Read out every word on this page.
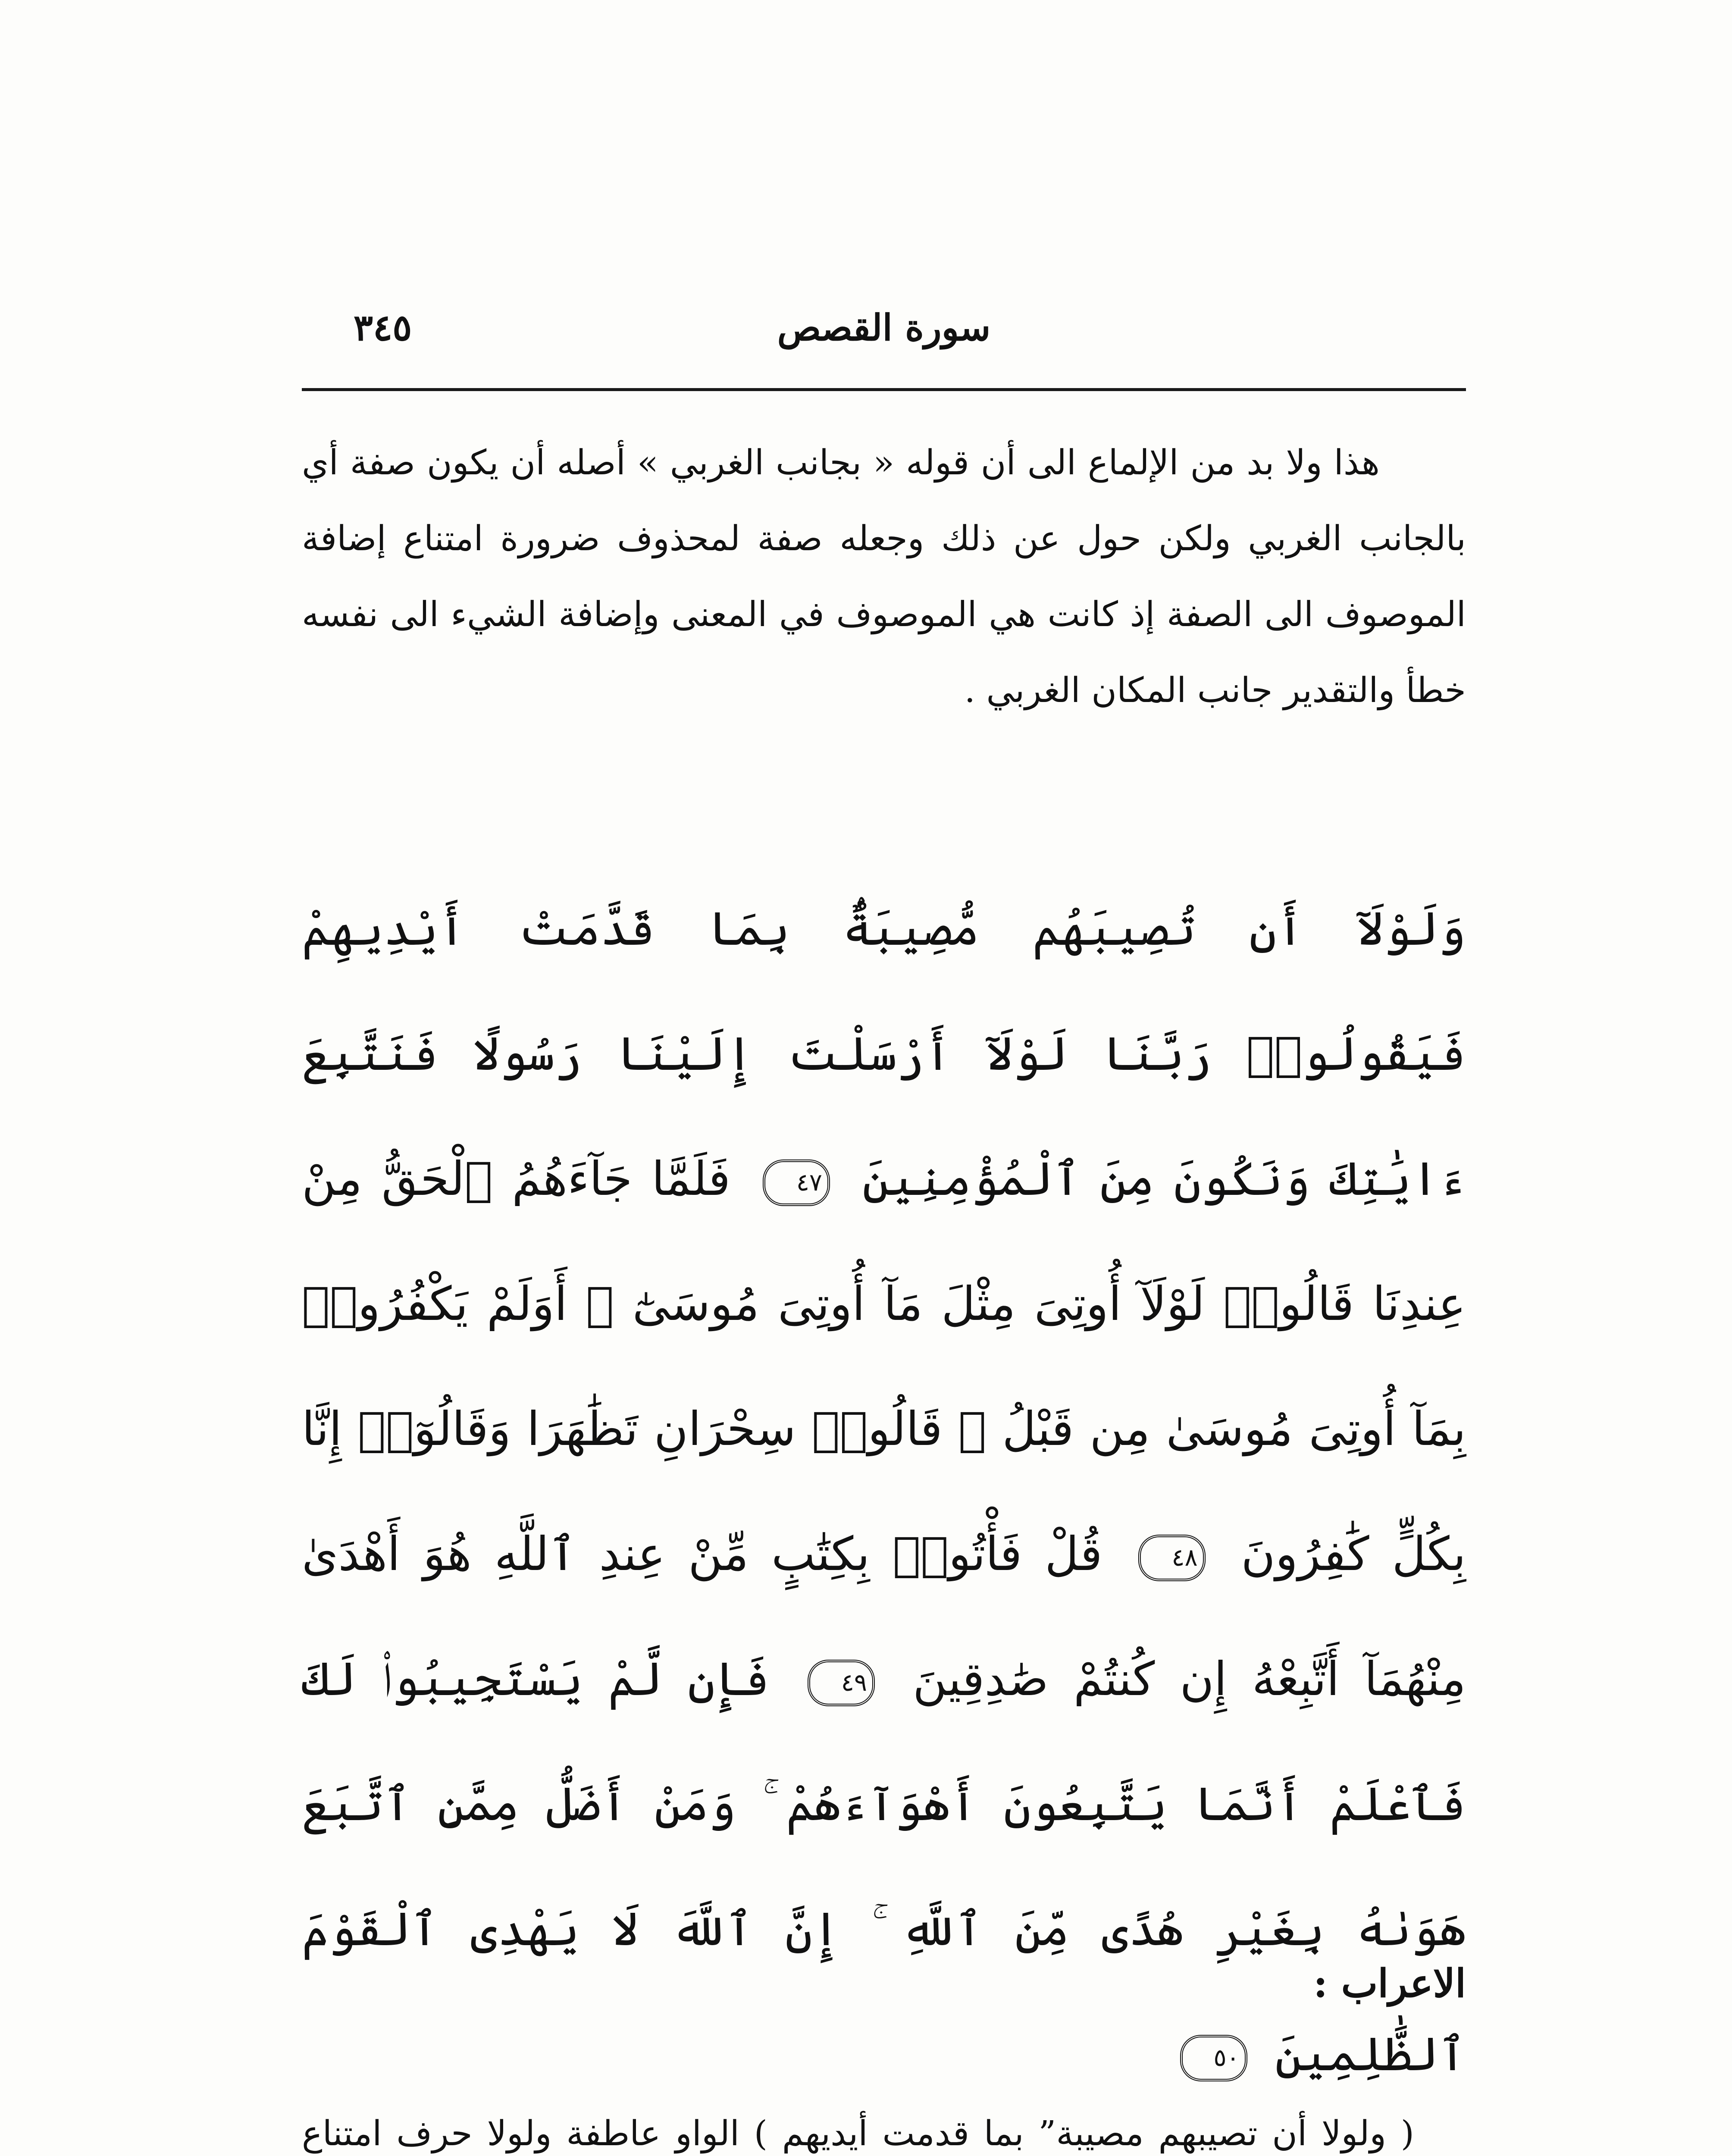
سورة القصص
٣٤٥

هذا ولا بد من الإلماع الى أن قوله « بجانب الغربي » أصله أن يكون صفة أي بالجانب الغربي ولكن حول عن ذلك وجعله صفة لمحذوف ضرورة امتناع إضافة الموصوف الى الصفة إذ كانت هي الموصوف في المعنى وإضافة الشيء الى نفسه خطأ والتقدير جانب المكان الغربي .

وَلَوْلَآ أَن تُصِيبَهُم مُّصِيبَةٌۢ بِمَا قَدَّمَتْ أَيْدِيهِمْ فَيَقُولُوا۟ رَبَّنَا لَوْلَآ أَرْسَلْتَ إِلَيْنَا رَسُولًا فَنَتَّبِعَ ءَايَٰتِكَ وَنَكُونَ مِنَ ٱلْمُؤْمِنِينَ ٤٧ فَلَمَّا جَآءَهُمُ ٱلْحَقُّ مِنْ عِندِنَا قَالُوا۟ لَوْلَآ أُوتِىَ مِثْلَ مَآ أُوتِىَ مُوسَىٰٓ ۚ أَوَلَمْ يَكْفُرُوا۟ بِمَآ أُوتِىَ مُوسَىٰ مِن قَبْلُ ۖ قَالُوا۟ سِحْرَانِ تَظَٰهَرَا وَقَالُوٓا۟ إِنَّا بِكُلٍّ كَٰفِرُونَ ٤٨ قُلْ فَأْتُوا۟ بِكِتَٰبٍ مِّنْ عِندِ ٱللَّهِ هُوَ أَهْدَىٰ مِنْهُمَآ أَتَّبِعْهُ إِن كُنتُمْ صَٰدِقِينَ ٤٩ فَإِن لَّمْ يَسْتَجِيبُوا۟ لَكَ فَٱعْلَمْ أَنَّمَا يَتَّبِعُونَ أَهْوَآءَهُمْ ۚ وَمَنْ أَضَلُّ مِمَّنِ ٱتَّبَعَ هَوَىٰهُ بِغَيْرِ هُدًى مِّنَ ٱللَّهِ ۚ إِنَّ ٱللَّهَ لَا يَهْدِى ٱلْقَوْمَ ٱلظَّٰلِمِينَ ٥٠
الاعراب :

( ولولا أن تصيبهم مصيبة” بما قدمت أيديهم ) الواو عاطفة ولولا حرف امتناع
